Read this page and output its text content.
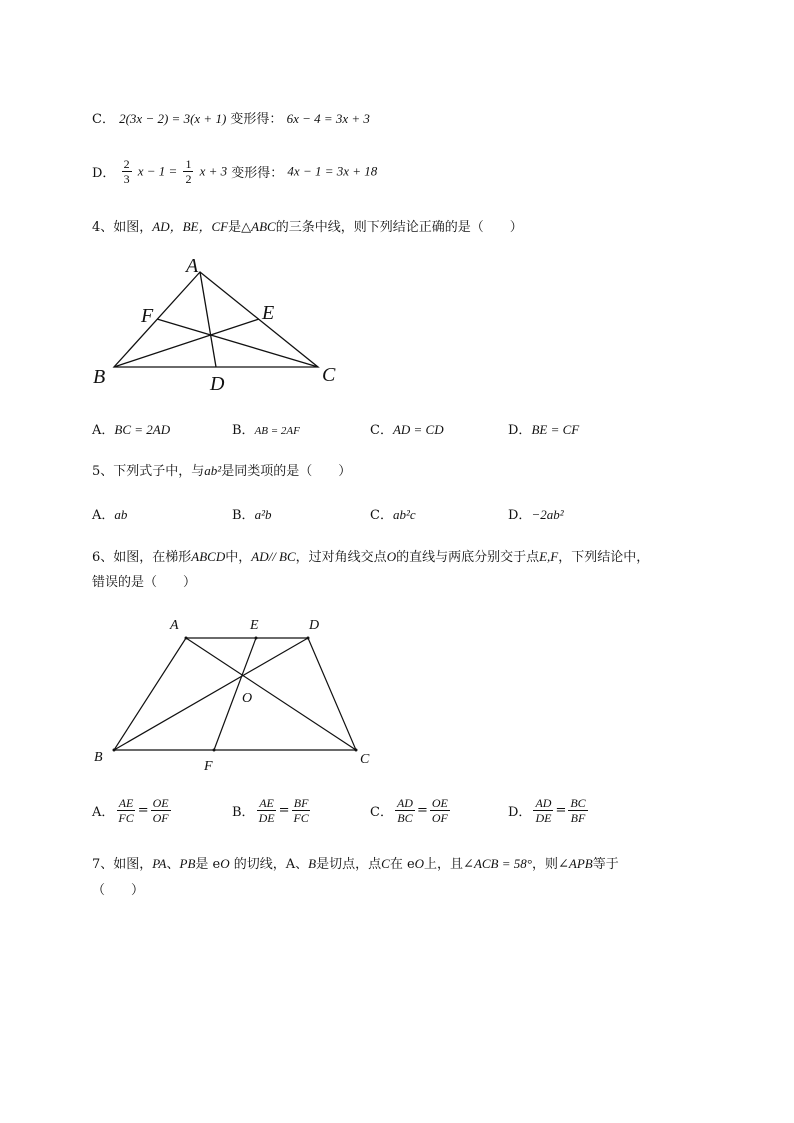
C． 2(3x − 2) = 3(x + 1) 变形得： 6x − 4 = 3x + 3
D． $\frac{2}{3}$ $x - 1 = \frac{1}{2}$ x + 3 变形得： 4x − 1 = 3x + 18
4、如图，AD，BE，CF是△ABC的三条中线，则下列结论正确的是（　　）
A
B	C
D
E
F
A．BC = 2AD	B．AB = 2AF	C．AD = CD	D．BE = CF
5、下列式子中，与ab²是同类项的是（　　）
A．ab	B．a²b	C．ab²c	D．−2ab²
6、如图，在梯形ABCD中，AD// BC，过对角线交点O的直线与两底分别交于点E,F，下列结论中，
错误的是（　　）
A	E	D
O
B
F	C
A． $\frac{AE}{FC} = \frac{OE}{OF}$	B． $\frac{AE}{DE} = \frac{BF}{FC}$	C． $\frac{AD}{BC} = \frac{OE}{OF}$	D． $\frac{AD}{DE} = \frac{BC}{BF}$
7、如图，PA、PB是 eO 的切线，A、B是切点，点C在 eO上，且∠ACB = 58°，则∠APB等于
（　　）
